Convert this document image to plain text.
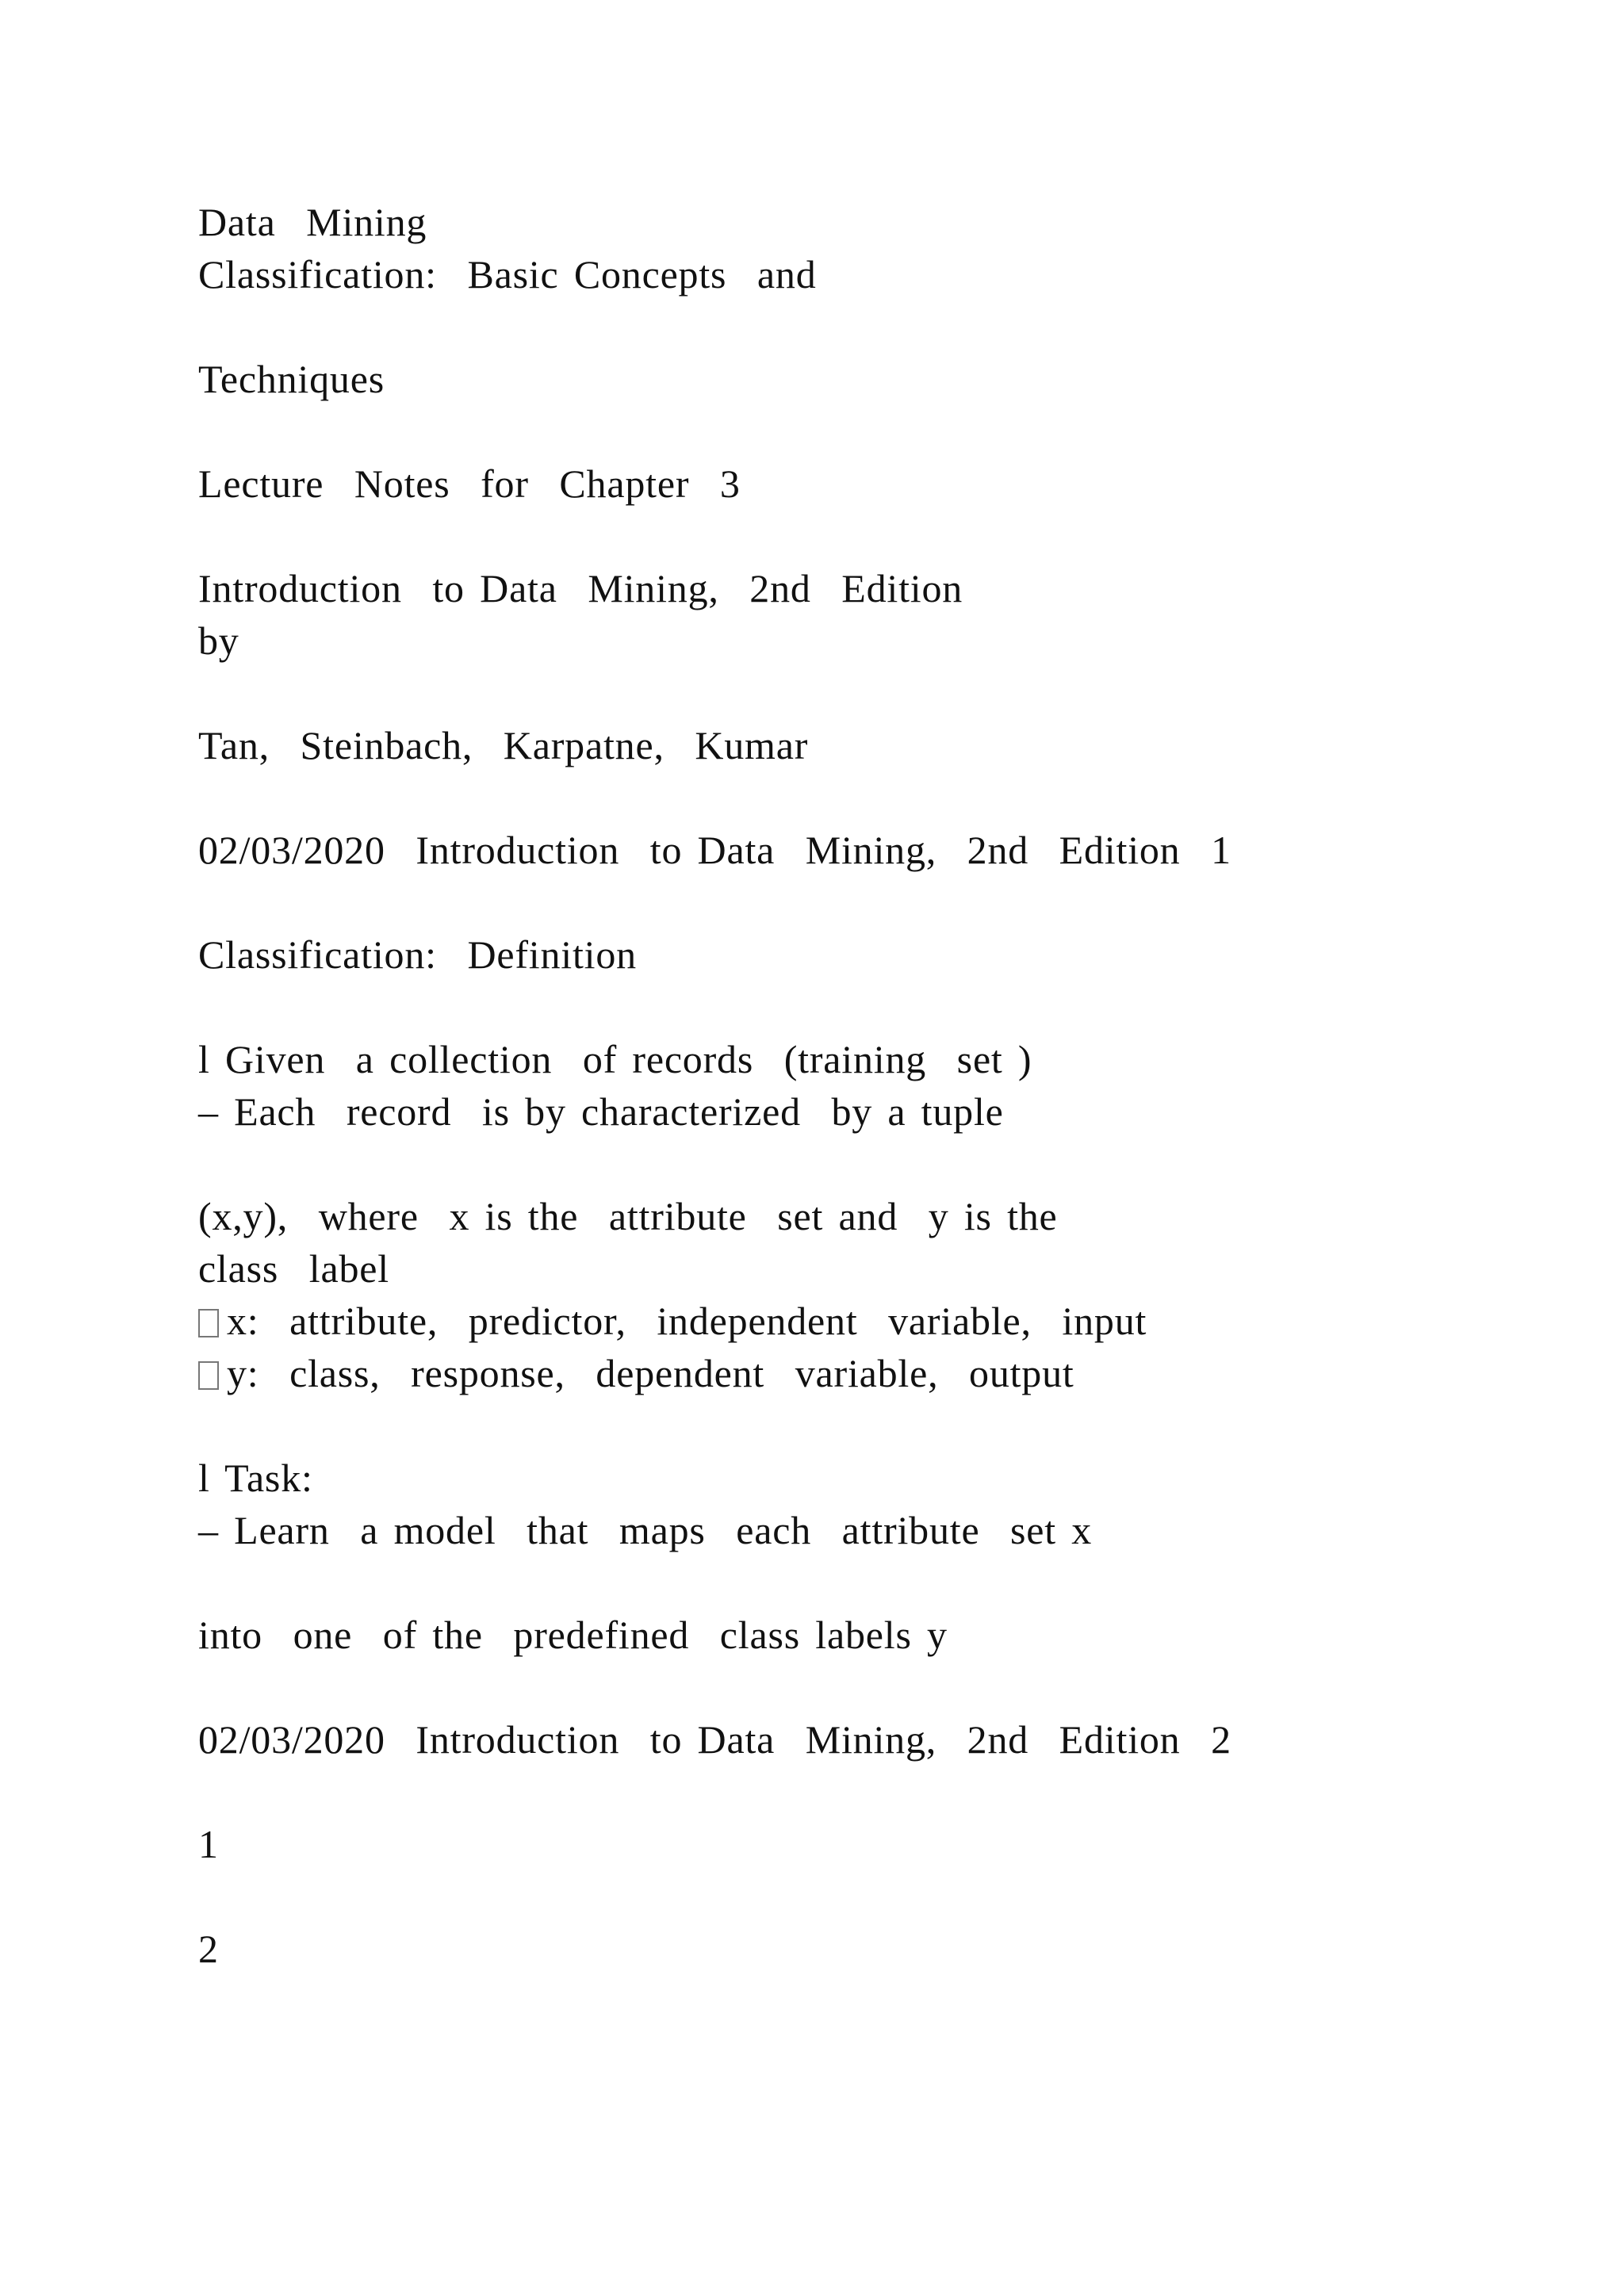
Data  Mining
Classification:  Basic Concepts  and
Techniques
Lecture  Notes  for  Chapter  3
Introduction  to Data  Mining,  2nd  Edition
by
Tan,  Steinbach,  Karpatne,  Kumar
02/03/2020  Introduction  to Data  Mining,  2nd  Edition  1
Classification:  Definition
l Given  a collection  of records  (training  set )
– Each  record  is by characterized  by a tuple
(x,y),  where  x is the  attribute  set and  y is the
class  label
x:  attribute,  predictor,  independent  variable,  input
y:  class,  response,  dependent  variable,  output
l Task:
– Learn  a model  that  maps  each  attribute  set x
into  one  of the  predefined  class labels y
02/03/2020  Introduction  to Data  Mining,  2nd  Edition  2
1
2
